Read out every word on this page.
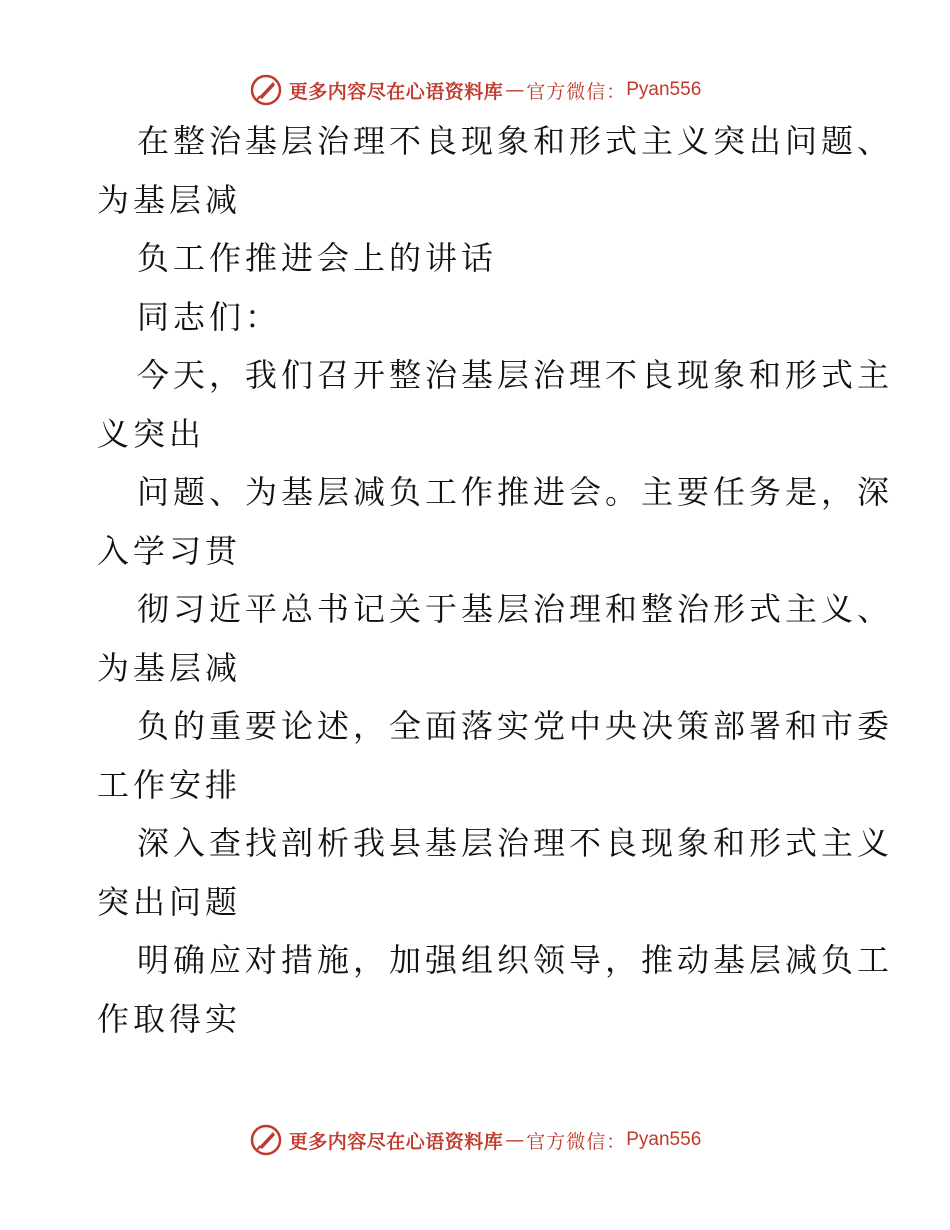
更多内容尽在心语资料库 — 官方微信： Pyan556
在整治基层治理不良现象和形式主义突出问题、
为基层减
负工作推进会上的讲话
同志们：
今天，我们召开整治基层治理不良现象和形式主
义突出
问题、为基层减负工作推进会。主要任务是，深
入学习贯
彻习近平总书记关于基层治理和整治形式主义、
为基层减
负的重要论述，全面落实党中央决策部署和市委
工作安排
深入查找剖析我县基层治理不良现象和形式主义
突出问题
明确应对措施，加强组织领导，推动基层减负工
作取得实
更多内容尽在心语资料库 — 官方微信： Pyan556
